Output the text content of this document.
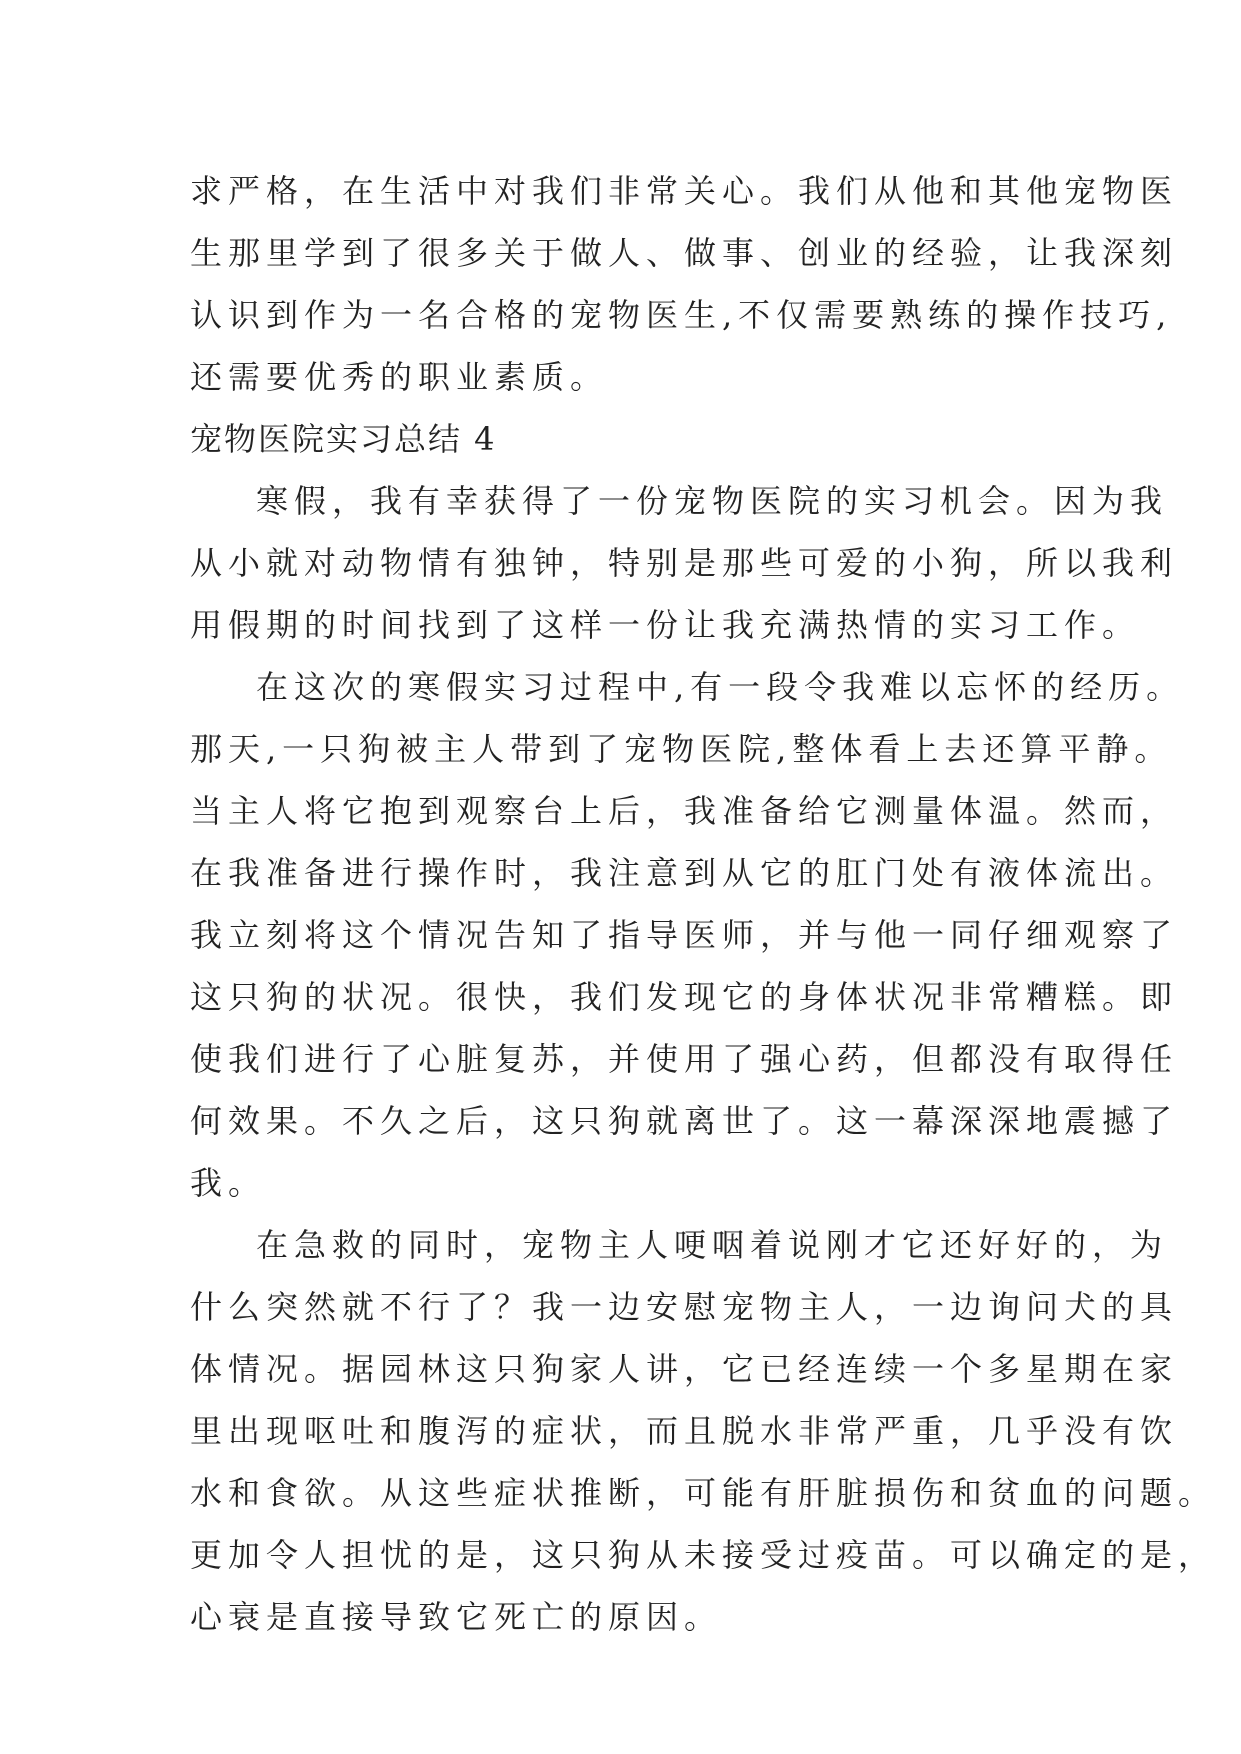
求严格，在生活中对我们非常关心。我们从他和其他宠物医
生那里学到了很多关于做人、做事、创业的经验，让我深刻
认识到作为一名合格的宠物医生,不仅需要熟练的操作技巧,
还需要优秀的职业素质。
宠物医院实习总结 4
寒假，我有幸获得了一份宠物医院的实习机会。因为我
从小就对动物情有独钟，特别是那些可爱的小狗，所以我利
用假期的时间找到了这样一份让我充满热情的实习工作。
在这次的寒假实习过程中,有一段令我难以忘怀的经历。
那天,一只狗被主人带到了宠物医院,整体看上去还算平静。
当主人将它抱到观察台上后，我准备给它测量体温。然而，
在我准备进行操作时，我注意到从它的肛门处有液体流出。
我立刻将这个情况告知了指导医师，并与他一同仔细观察了
这只狗的状况。很快，我们发现它的身体状况非常糟糕。即
使我们进行了心脏复苏，并使用了强心药，但都没有取得任
何效果。不久之后，这只狗就离世了。这一幕深深地震撼了
我。
在急救的同时，宠物主人哽咽着说刚才它还好好的，为
什么突然就不行了？我一边安慰宠物主人，一边询问犬的具
体情况。据园林这只狗家人讲，它已经连续一个多星期在家
里出现呕吐和腹泻的症状，而且脱水非常严重，几乎没有饮
水和食欲。从这些症状推断，可能有肝脏损伤和贫血的问题。
更加令人担忧的是，这只狗从未接受过疫苗。可以确定的是，
心衰是直接导致它死亡的原因。
